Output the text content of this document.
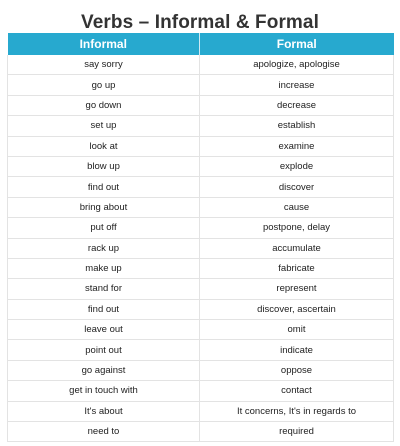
Verbs – Informal & Formal
Informal	Formal
say sorry	apologize, apologise
go up	increase
go down	decrease
set up	establish
look at	examine
blow up	explode
find out	discover
bring about	cause
put off	postpone, delay
rack up	accumulate
make up	fabricate
stand for	represent
find out	discover, ascertain
leave out	omit
point out	indicate
go against	oppose
get in touch with	contact
It's about	It concerns, It's in regards to
need to	required
